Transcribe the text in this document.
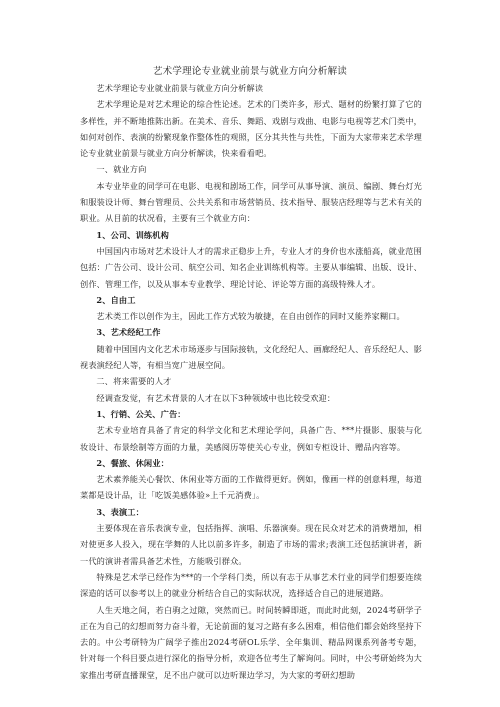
艺术学理论专业就业前景与就业方向分析解读

艺术学理论专业就业前景与就业方向分析解读

艺术学理论是对艺术理论的综合性论述。艺术的门类许多，形式、题材的纷繁打算了它的多样性，并不断地推陈出新。在美术、音乐、舞蹈、戏剧与戏曲、电影与电视等艺术门类中，如何对创作、表演的纷繁现象作整体性的观照，区分其共性与共性，下面为大家带来艺术学理论专业就业前景与就业方向分析解读，快来看看吧。

一、就业方向

本专业毕业的同学可在电影、电视和剧场工作，同学可从事导演、演员、编剧、舞台灯光和服装设计师、舞台管理员、公共关系和市场营销员、技术指导、服装店经理等与艺术有关的职业。从目前的状况看，主要有三个就业方向：

1、公司、训练机构

中国国内市场对艺术设计人才的需求正稳步上升，专业人才的身价也水涨船高，就业范围包括：广告公司、设计公司、航空公司、知名企业训练机构等。主要从事编辑、出版、设计、创作、管理工作，以及从事本专业教学、理论讨论、评论等方面的高级特殊人才。

2、自由工

艺术类工作以创作为主，因此工作方式较为敏捷，在自由创作的同时又能养家糊口。

3、艺术经纪工作

随着中国国内文化艺术市场逐步与国际接轨，文化经纪人、画廊经纪人、音乐经纪人、影视表演经纪人等，有相当宽广进展空间。

二、将来需要的人才

经调查发觉，有艺术背景的人才在以下3种领域中也比较受欢迎：

1、行销、公关、广告：

艺术专业培育具备了肯定的科学文化和艺术理论学问，具备广告、***片摄影、服装与化妆设计、布景绘制等方面的力量，美感阅历等使关心专业，例如专柜设计、赠品内容等。

2、餐旅、休闲业：

艺术素养能关心餐饮、休闲业等方面的工作做得更好。例如，像画一样的创意料理，每道菜都是设计品，让「吃饭美感体验»上千元消费」。

3、表演工：

主要体现在音乐表演专业，包括指挥、演唱、乐器演奏。现在民众对艺术的消费增加，相对使更多人投入，现在学舞的人比以前多许多，制造了市场的需求;表演工还包括演讲者，新一代的演讲者需具备艺术性，方能吸引群众。

特殊是艺术学已经作为***的一个学科门类，所以有志于从事艺术行业的同学们想要连续深造的话可以参考以上的就业分析结合自己的实际状况，选择适合自己的进展道路。

人生天地之间，若白驹之过隙，突然而已。时间转瞬即逝，而此时此刻，2024考研学子正在为自己的幻想而努力奋斗着，无论前面的复习之路有多么困难，相信他们都会始终坚持下去的。中公考研特为广阔学子推出2024考研OL乐学、全年集训、精品网课系列备考专题，针对每一个科目要点进行深化的指导分析，欢迎各位考生了解询问。同时，中公考研始终为大家推出考研直播课堂，足不出户就可以边听课边学习，为大家的考研幻想助
